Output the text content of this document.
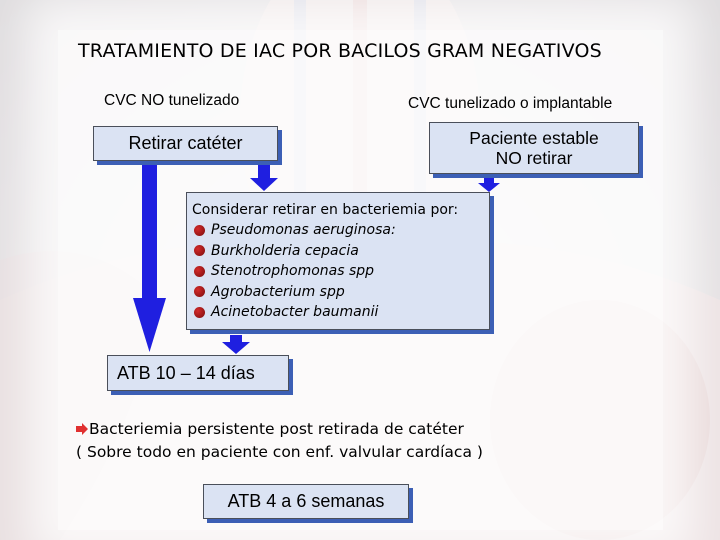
TRATAMIENTO DE IAC POR BACILOS GRAM NEGATIVOS
CVC NO tunelizado	CVC tunelizado o implantable
Retirar catéter	Paciente estable
NO retirar
Considerar retirar en bacteriemia por:
Pseudomonas aeruginosa:
Burkholderia cepacia
Stenotrophomonas spp
Agrobacterium spp
Acinetobacter baumanii
ATB 10 – 14 días
Bacteriemia persistente post retirada de catéter
( Sobre todo en paciente con enf. valvular cardíaca )
ATB 4 a 6 semanas
